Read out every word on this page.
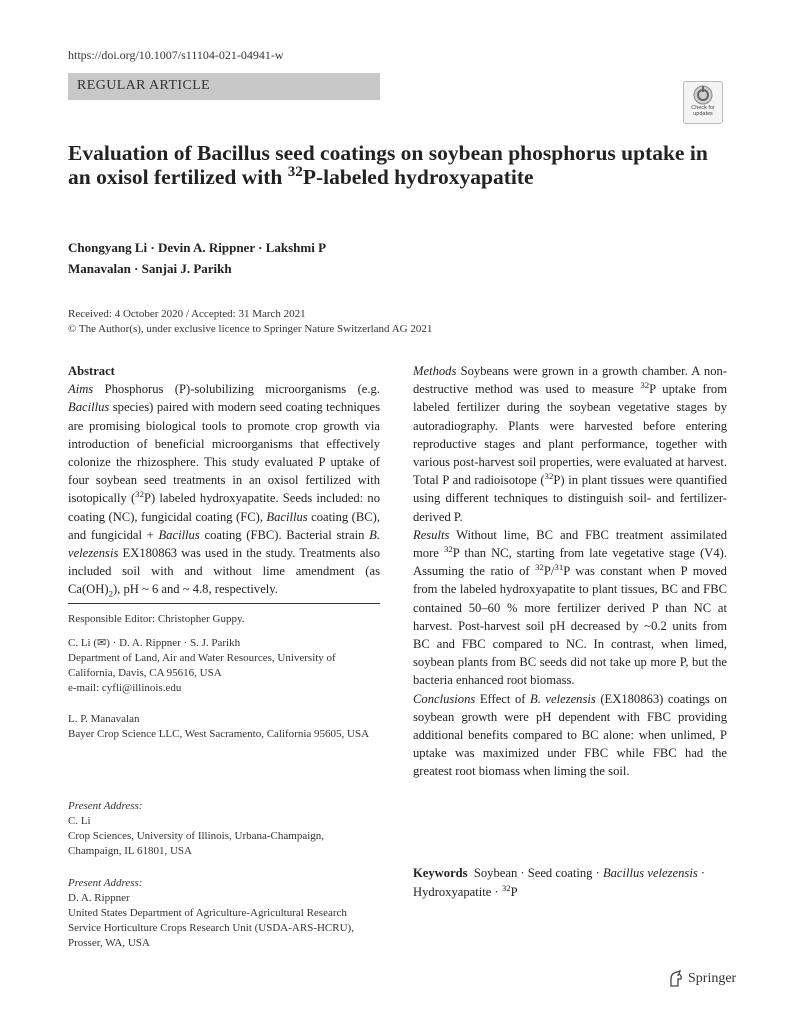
https://doi.org/10.1007/s11104-021-04941-w
REGULAR ARTICLE
Check for
updates
Evaluation of Bacillus seed coatings on soybean phosphorus uptake in an oxisol fertilized with $^{32}$P-labeled hydroxyapatite
Chongyang Li · Devin A. Rippner · Lakshmi P
Manavalan · Sanjai J. Parikh
Received: 4 October 2020 / Accepted: 31 March 2021
© The Author(s), under exclusive licence to Springer Nature Switzerland AG 2021

Abstract

Aims Phosphorus (P)-solubilizing microorganisms (e.g. Bacillus species) paired with modern seed coating techniques are promising biological tools to promote crop growth via introduction of beneficial microorganisms that effectively colonize the rhizosphere. This study evaluated P uptake of four soybean seed treatments in an oxisol fertilized with isotopically ($^{32}$P) labeled hydroxyapatite. Seeds included: no coating (NC), fungicidal coating (FC), Bacillus coating (BC), and fungicidal + Bacillus coating (FBC). Bacterial strain B. velezensis EX180863 was used in the study. Treatments also included soil with and without lime amendment (as $Ca(OH)_2$), pH ~ 6 and ~ 4.8, respectively.

Responsible Editor: Christopher Guppy.
C. Li (✉) · D. A. Rippner · S. J. Parikh
Department of Land, Air and Water Resources, University of California, Davis, CA 95616, USA
e-mail: cyfli@illinois.edu
L. P. Manavalan
Bayer Crop Science LLC, West Sacramento, California 95605, USA
Present Address:
C. Li
Crop Sciences, University of Illinois, Urbana-Champaign, Champaign, IL 61801, USA
Present Address:
D. A. Rippner
United States Department of Agriculture-Agricultural Research Service Horticulture Crops Research Unit (USDA-ARS-HCRU), Prosser, WA, USA

Methods Soybeans were grown in a growth chamber. A non-destructive method was used to measure $^{32}$P uptake from labeled fertilizer during the soybean vegetative stages by autoradiography. Plants were harvested before entering reproductive stages and plant performance, together with various post-harvest soil properties, were evaluated at harvest. Total P and radioisotope ($^{32}$P) in plant tissues were quantified using different techniques to distinguish soil- and fertilizer-derived P.

Results Without lime, BC and FBC treatment assimilated more $^{32}$P than NC, starting from late vegetative stage (V4). Assuming the ratio of $^{32}$P/$^{31}$P was constant when P moved from the labeled hydroxyapatite to plant tissues, BC and FBC contained 50–60 % more fertilizer derived P than NC at harvest. Post-harvest soil pH decreased by ~0.2 units from BC and FBC compared to NC. In contrast, when limed, soybean plants from BC seeds did not take up more P, but the bacteria enhanced root biomass.

Conclusions Effect of B. velezensis (EX180863) coatings on soybean growth were pH dependent with FBC providing additional benefits compared to BC alone: when unlimed, P uptake was maximized under FBC while FBC had the greatest root biomass when liming the soil.

Keywords Soybean · Seed coating · Bacillus velezensis · Hydroxyapatite · $^{32}$P
Springer
